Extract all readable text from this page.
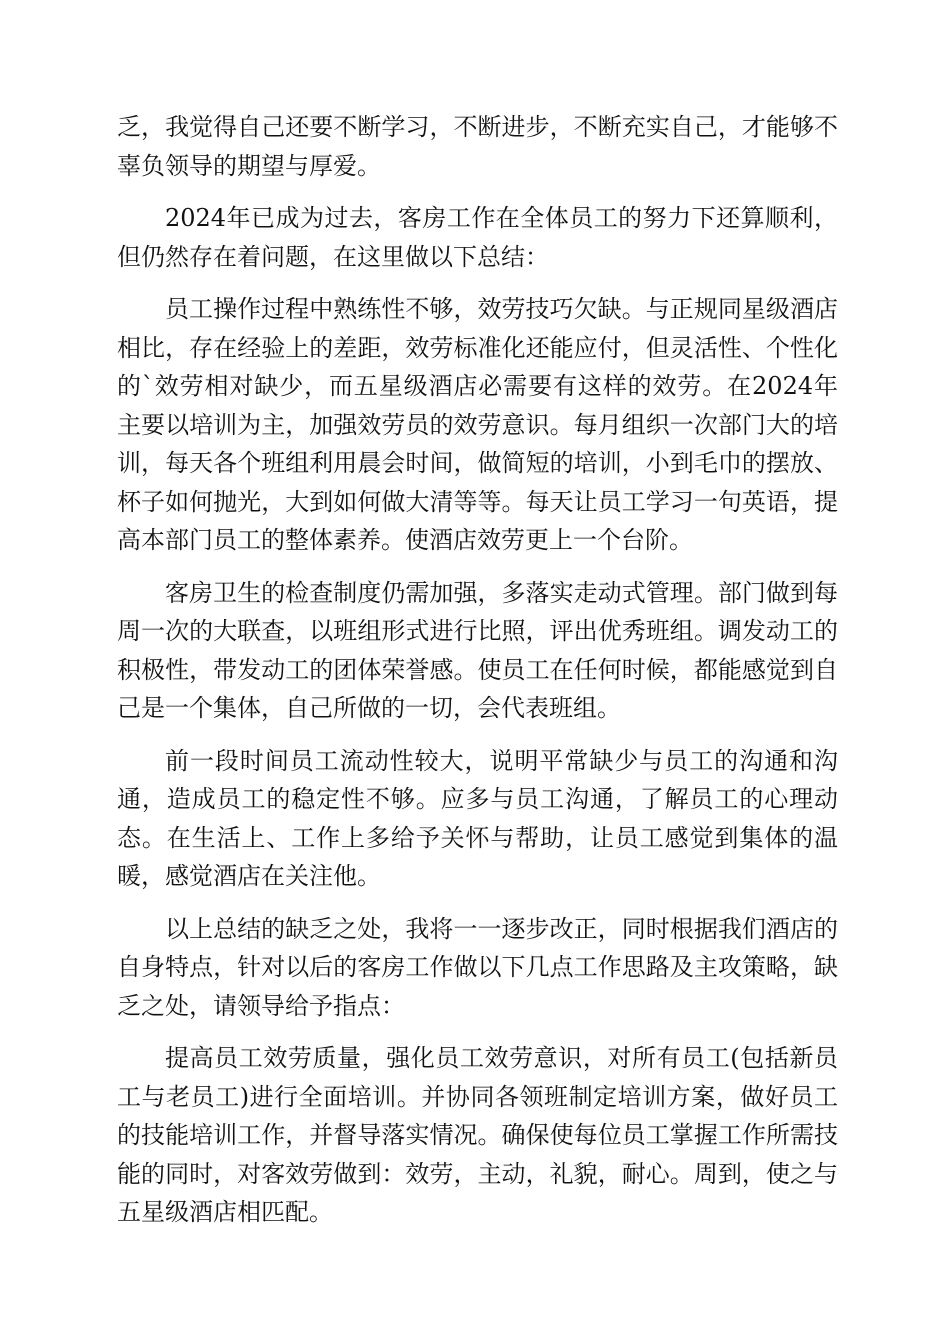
乏，我觉得自己还要不断学习，不断进步，不断充实自己，才能够不辜负领导的期望与厚爱。

2024年已成为过去，客房工作在全体员工的努力下还算顺利，但仍然存在着问题，在这里做以下总结：

员工操作过程中熟练性不够，效劳技巧欠缺。与正规同星级酒店相比，存在经验上的差距，效劳标准化还能应付，但灵活性、个性化的`效劳相对缺少，而五星级酒店必需要有这样的效劳。在2024年主要以培训为主，加强效劳员的效劳意识。每月组织一次部门大的培训，每天各个班组利用晨会时间，做简短的培训，小到毛巾的摆放、杯子如何抛光，大到如何做大清等等。每天让员工学习一句英语，提高本部门员工的整体素养。使酒店效劳更上一个台阶。

客房卫生的检查制度仍需加强，多落实走动式管理。部门做到每周一次的大联查，以班组形式进行比照，评出优秀班组。调发动工的积极性，带发动工的团体荣誉感。使员工在任何时候，都能感觉到自己是一个集体，自己所做的一切，会代表班组。

前一段时间员工流动性较大，说明平常缺少与员工的沟通和沟通，造成员工的稳定性不够。应多与员工沟通，了解员工的心理动态。在生活上、工作上多给予关怀与帮助，让员工感觉到集体的温暖，感觉酒店在关注他。

以上总结的缺乏之处，我将一一逐步改正，同时根据我们酒店的自身特点，针对以后的客房工作做以下几点工作思路及主攻策略，缺乏之处，请领导给予指点：

提高员工效劳质量，强化员工效劳意识，对所有员工(包括新员工与老员工)进行全面培训。并协同各领班制定培训方案，做好员工的技能培训工作，并督导落实情况。确保使每位员工掌握工作所需技能的同时，对客效劳做到：效劳，主动，礼貌，耐心。周到，使之与五星级酒店相匹配。
